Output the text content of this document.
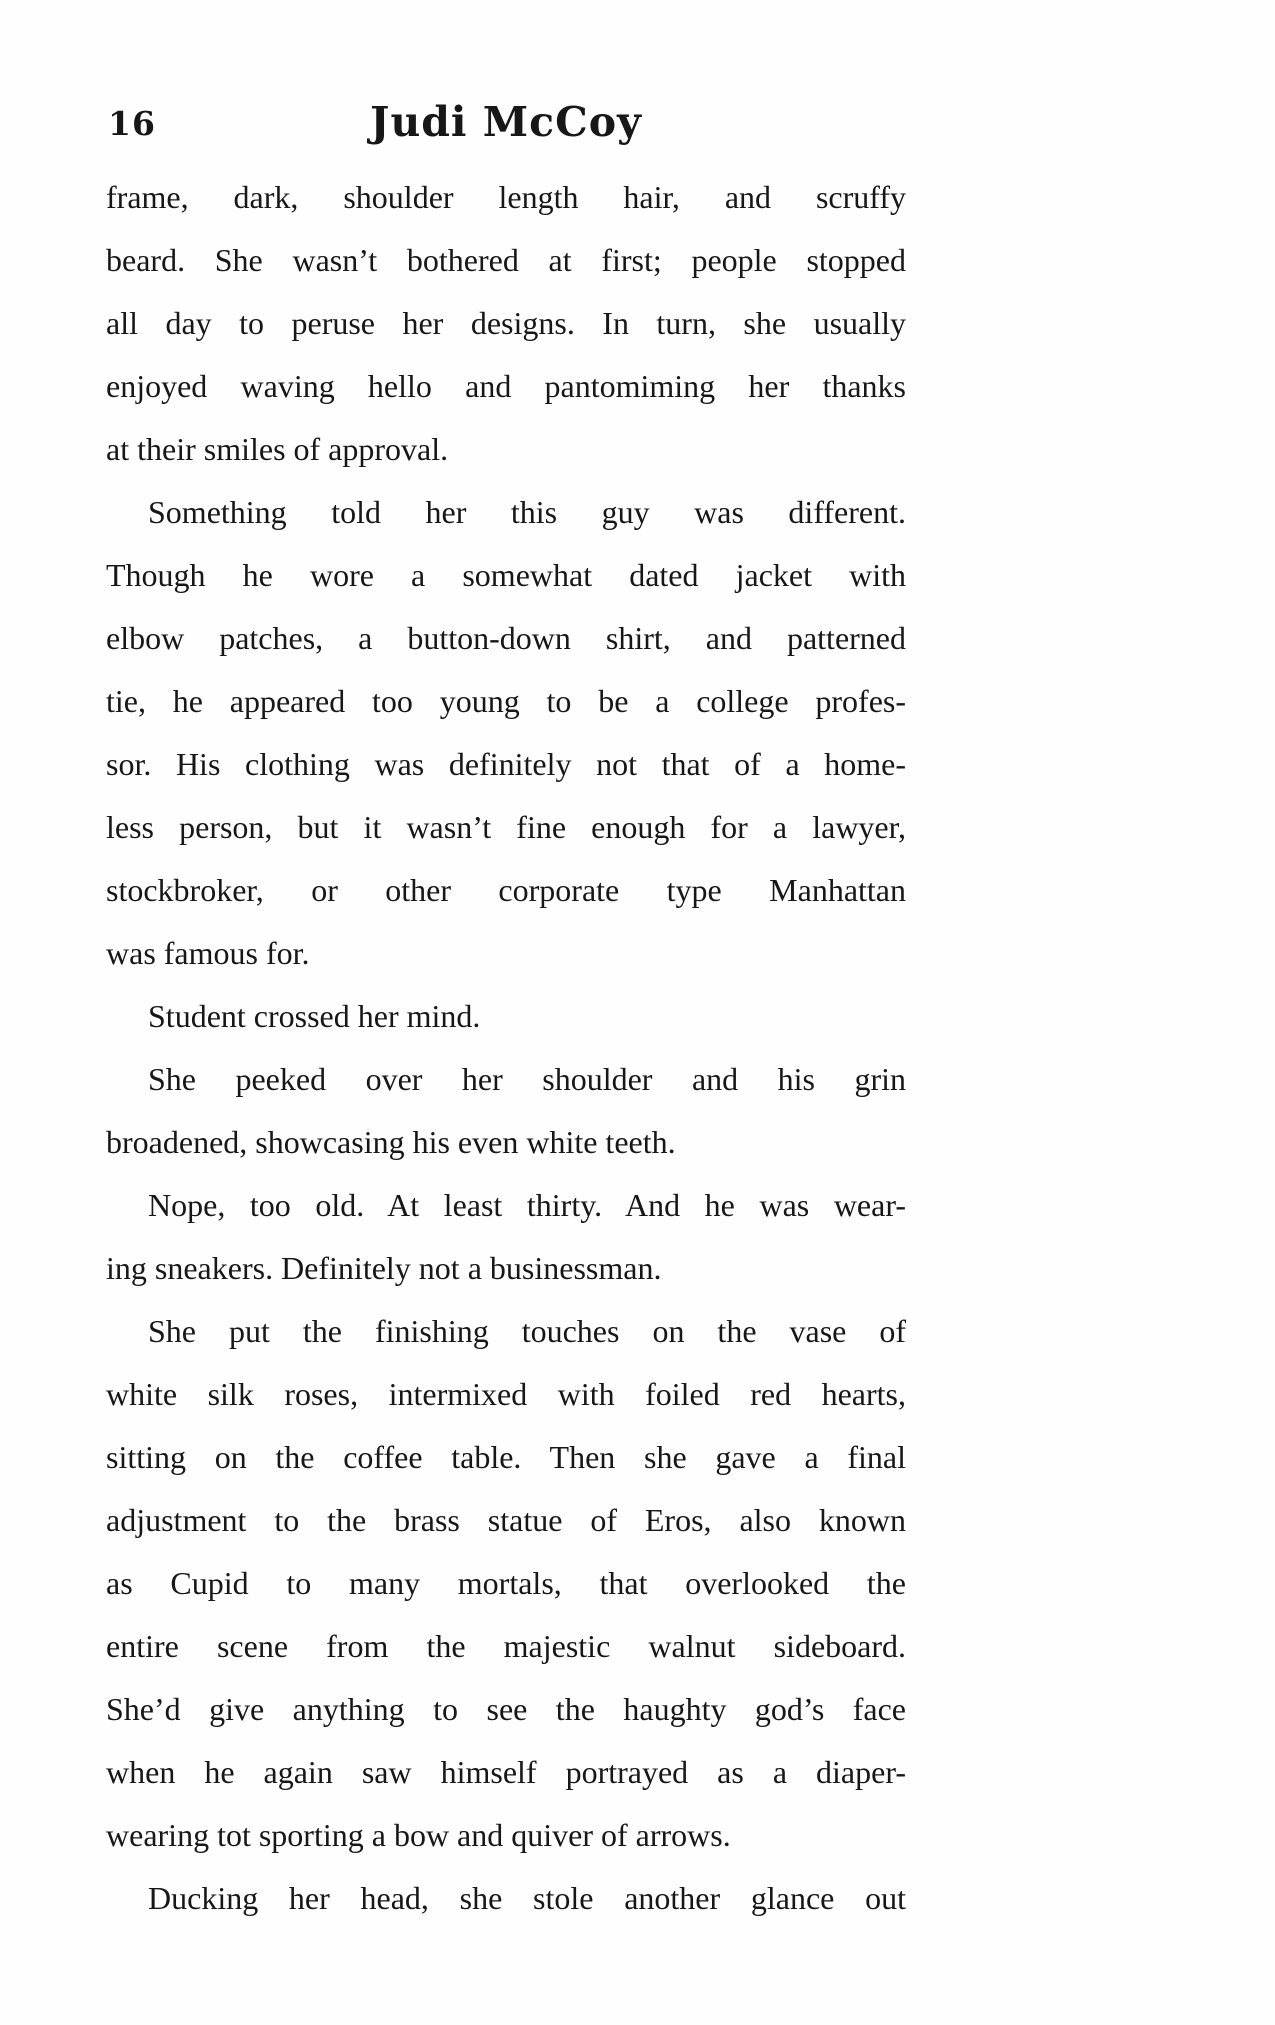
16	Judi McCoy
frame, dark, shoulder length hair, and scruffy
beard. She wasn’t bothered at first; people stopped
all day to peruse her designs. In turn, she usually
enjoyed waving hello and pantomiming her thanks
at their smiles of approval.
Something told her this guy was different.
Though he wore a somewhat dated jacket with
elbow patches, a button-down shirt, and patterned
tie, he appeared too young to be a college profes-
sor. His clothing was definitely not that of a home-
less person, but it wasn’t fine enough for a lawyer,
stockbroker, or other corporate type Manhattan
was famous for.
Student crossed her mind.
She peeked over her shoulder and his grin
broadened, showcasing his even white teeth.
Nope, too old. At least thirty. And he was wear-
ing sneakers. Definitely not a businessman.
She put the finishing touches on the vase of
white silk roses, intermixed with foiled red hearts,
sitting on the coffee table. Then she gave a final
adjustment to the brass statue of Eros, also known
as Cupid to many mortals, that overlooked the
entire scene from the majestic walnut sideboard.
She’d give anything to see the haughty god’s face
when he again saw himself portrayed as a diaper-
wearing tot sporting a bow and quiver of arrows.
Ducking her head, she stole another glance out
